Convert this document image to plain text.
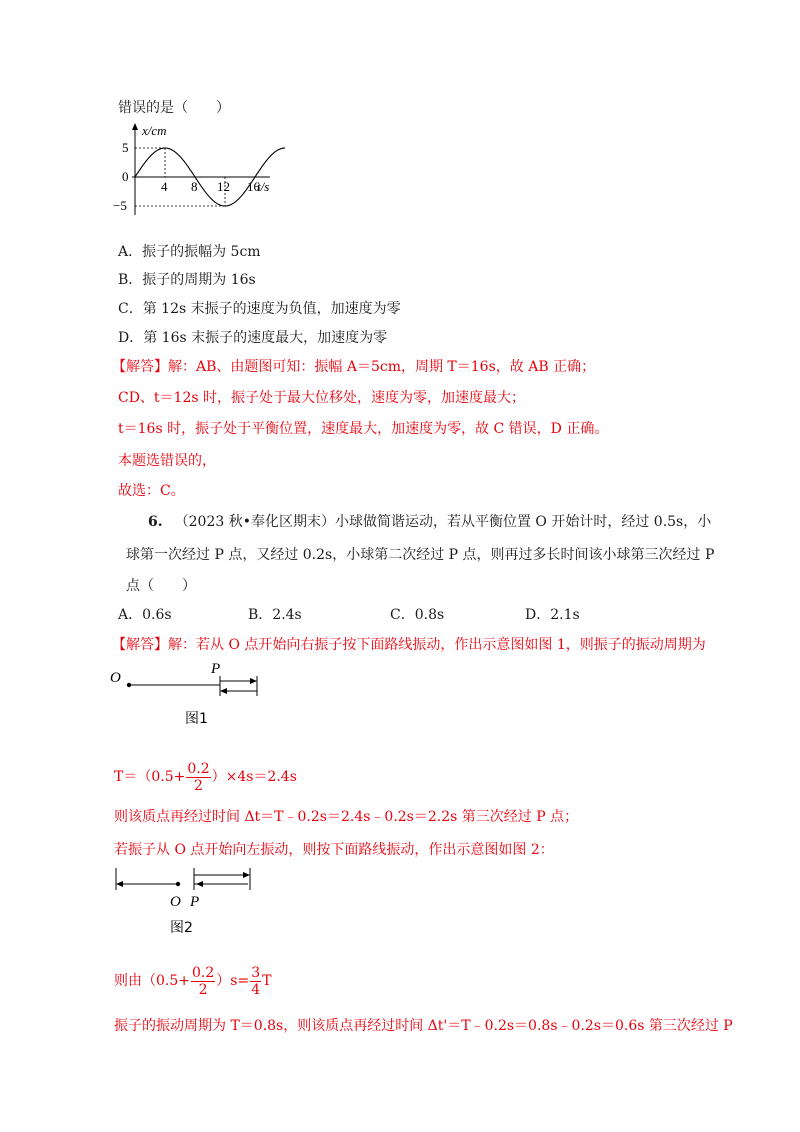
错误的是（　　）
x/cm
5
0
−5
4 8 12 16
t/s
A．振子的振幅为 5cm
B．振子的周期为 16s
C．第 12s 末振子的速度为负值，加速度为零
D．第 16s 末振子的速度最大，加速度为零
【解答】解：AB、由题图可知：振幅 A＝5cm，周期 T＝16s，故 AB 正确；
CD、t＝12s 时，振子处于最大位移处，速度为零，加速度最大；
t＝16s 时，振子处于平衡位置，速度最大，加速度为零，故 C 错误，D 正确。
本题选错误的，
故选：C。
6. （2023 秋•奉化区期末）小球做简谐运动，若从平衡位置 O 开始计时，经过 0.5s，小
球第一次经过 P 点，又经过 0.2s，小球第二次经过 P 点，则再过多长时间该小球第三次经过 P
点（　　）
A．0.6s	B．2.4s	C．0.8s	D．2.1s
【解答】解：若从 O 点开始向右振子按下面路线振动，作出示意图如图 1，则振子的振动周期为
O
P
图1
$T=(0.5+ \frac{0.2}{2} )\times 4s=2.4s$
则该质点再经过时间 Δt＝T﹣0.2s＝2.4s﹣0.2s＝2.2s 第三次经过 P 点；
若振子从 O 点开始向左振动，则按下面路线振动，作出示意图如图 2：
O P
图2
则由$(0.5+ \frac{0.2}{2} )s= \frac{3}{4}$ T
振子的振动周期为 T＝0.8s，则该质点再经过时间 Δt'＝T﹣0.2s＝0.8s﹣0.2s＝0.6s 第三次经过 P
